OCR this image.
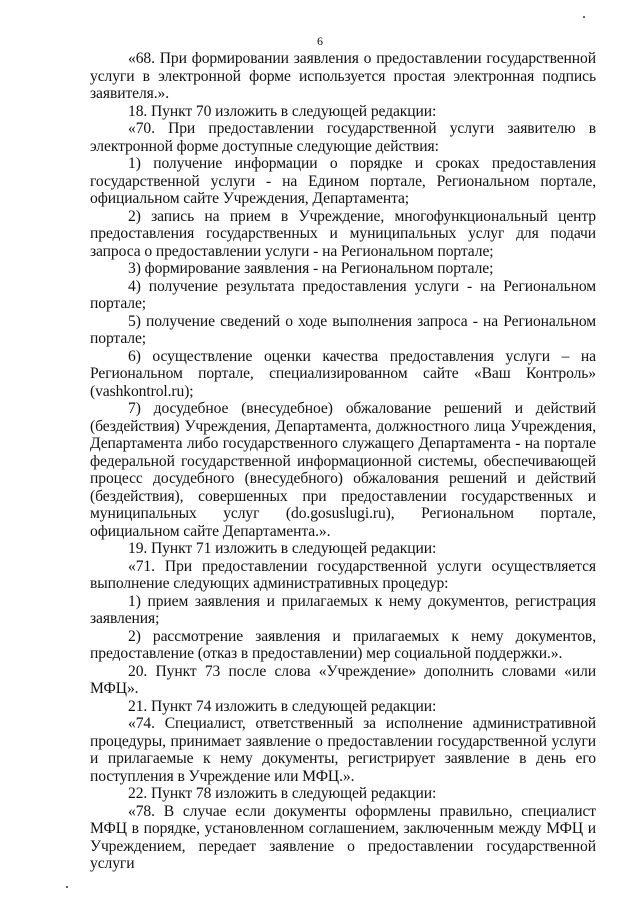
6

«68. При формировании заявления о предоставлении государственной услуги в электронной форме используется простая электронная подпись заявителя.».

18. Пункт 70 изложить в следующей редакции:

«70. При предоставлении государственной услуги заявителю в электронной форме доступные следующие действия:

1) получение информации о порядке и сроках предоставления государственной услуги - на Едином портале, Региональном портале, официальном сайте Учреждения, Департамента;

2) запись на прием в Учреждение, многофункциональный центр предоставления государственных и муниципальных услуг для подачи запроса о предоставлении услуги - на Региональном портале;

3) формирование заявления - на Региональном портале;

4) получение результата предоставления услуги - на Региональном портале;

5) получение сведений о ходе выполнения запроса - на Региональном портале;

6) осуществление оценки качества предоставления услуги – на Региональном портале, специализированном сайте «Ваш Контроль» (vashkontrol.ru);

7) досудебное (внесудебное) обжалование решений и действий (бездействия) Учреждения, Департамента, должностного лица Учреждения, Департамента либо государственного служащего Департамента - на портале федеральной государственной информационной системы, обеспечивающей процесс досудебного (внесудебного) обжалования решений и действий (бездействия), совершенных при предоставлении государственных и муниципальных услуг (do.gosuslugi.ru), Региональном портале, официальном сайте Департамента.».

19. Пункт 71 изложить в следующей редакции:

«71. При предоставлении государственной услуги осуществляется выполнение следующих административных процедур:

1) прием заявления и прилагаемых к нему документов, регистрация заявления;

2) рассмотрение заявления и прилагаемых к нему документов, предоставление (отказ в предоставлении) мер социальной поддержки.».

20. Пункт 73 после слова «Учреждение» дополнить словами «или МФЦ».

21. Пункт 74 изложить в следующей редакции:

«74. Специалист, ответственный за исполнение административной процедуры, принимает заявление о предоставлении государственной услуги и прилагаемые к нему документы, регистрирует заявление в день его поступления в Учреждение или МФЦ.».

22. Пункт 78 изложить в следующей редакции:

«78. В случае если документы оформлены правильно, специалист МФЦ в порядке, установленном соглашением, заключенным между МФЦ и Учреждением, передает заявление о предоставлении государственной услуги
